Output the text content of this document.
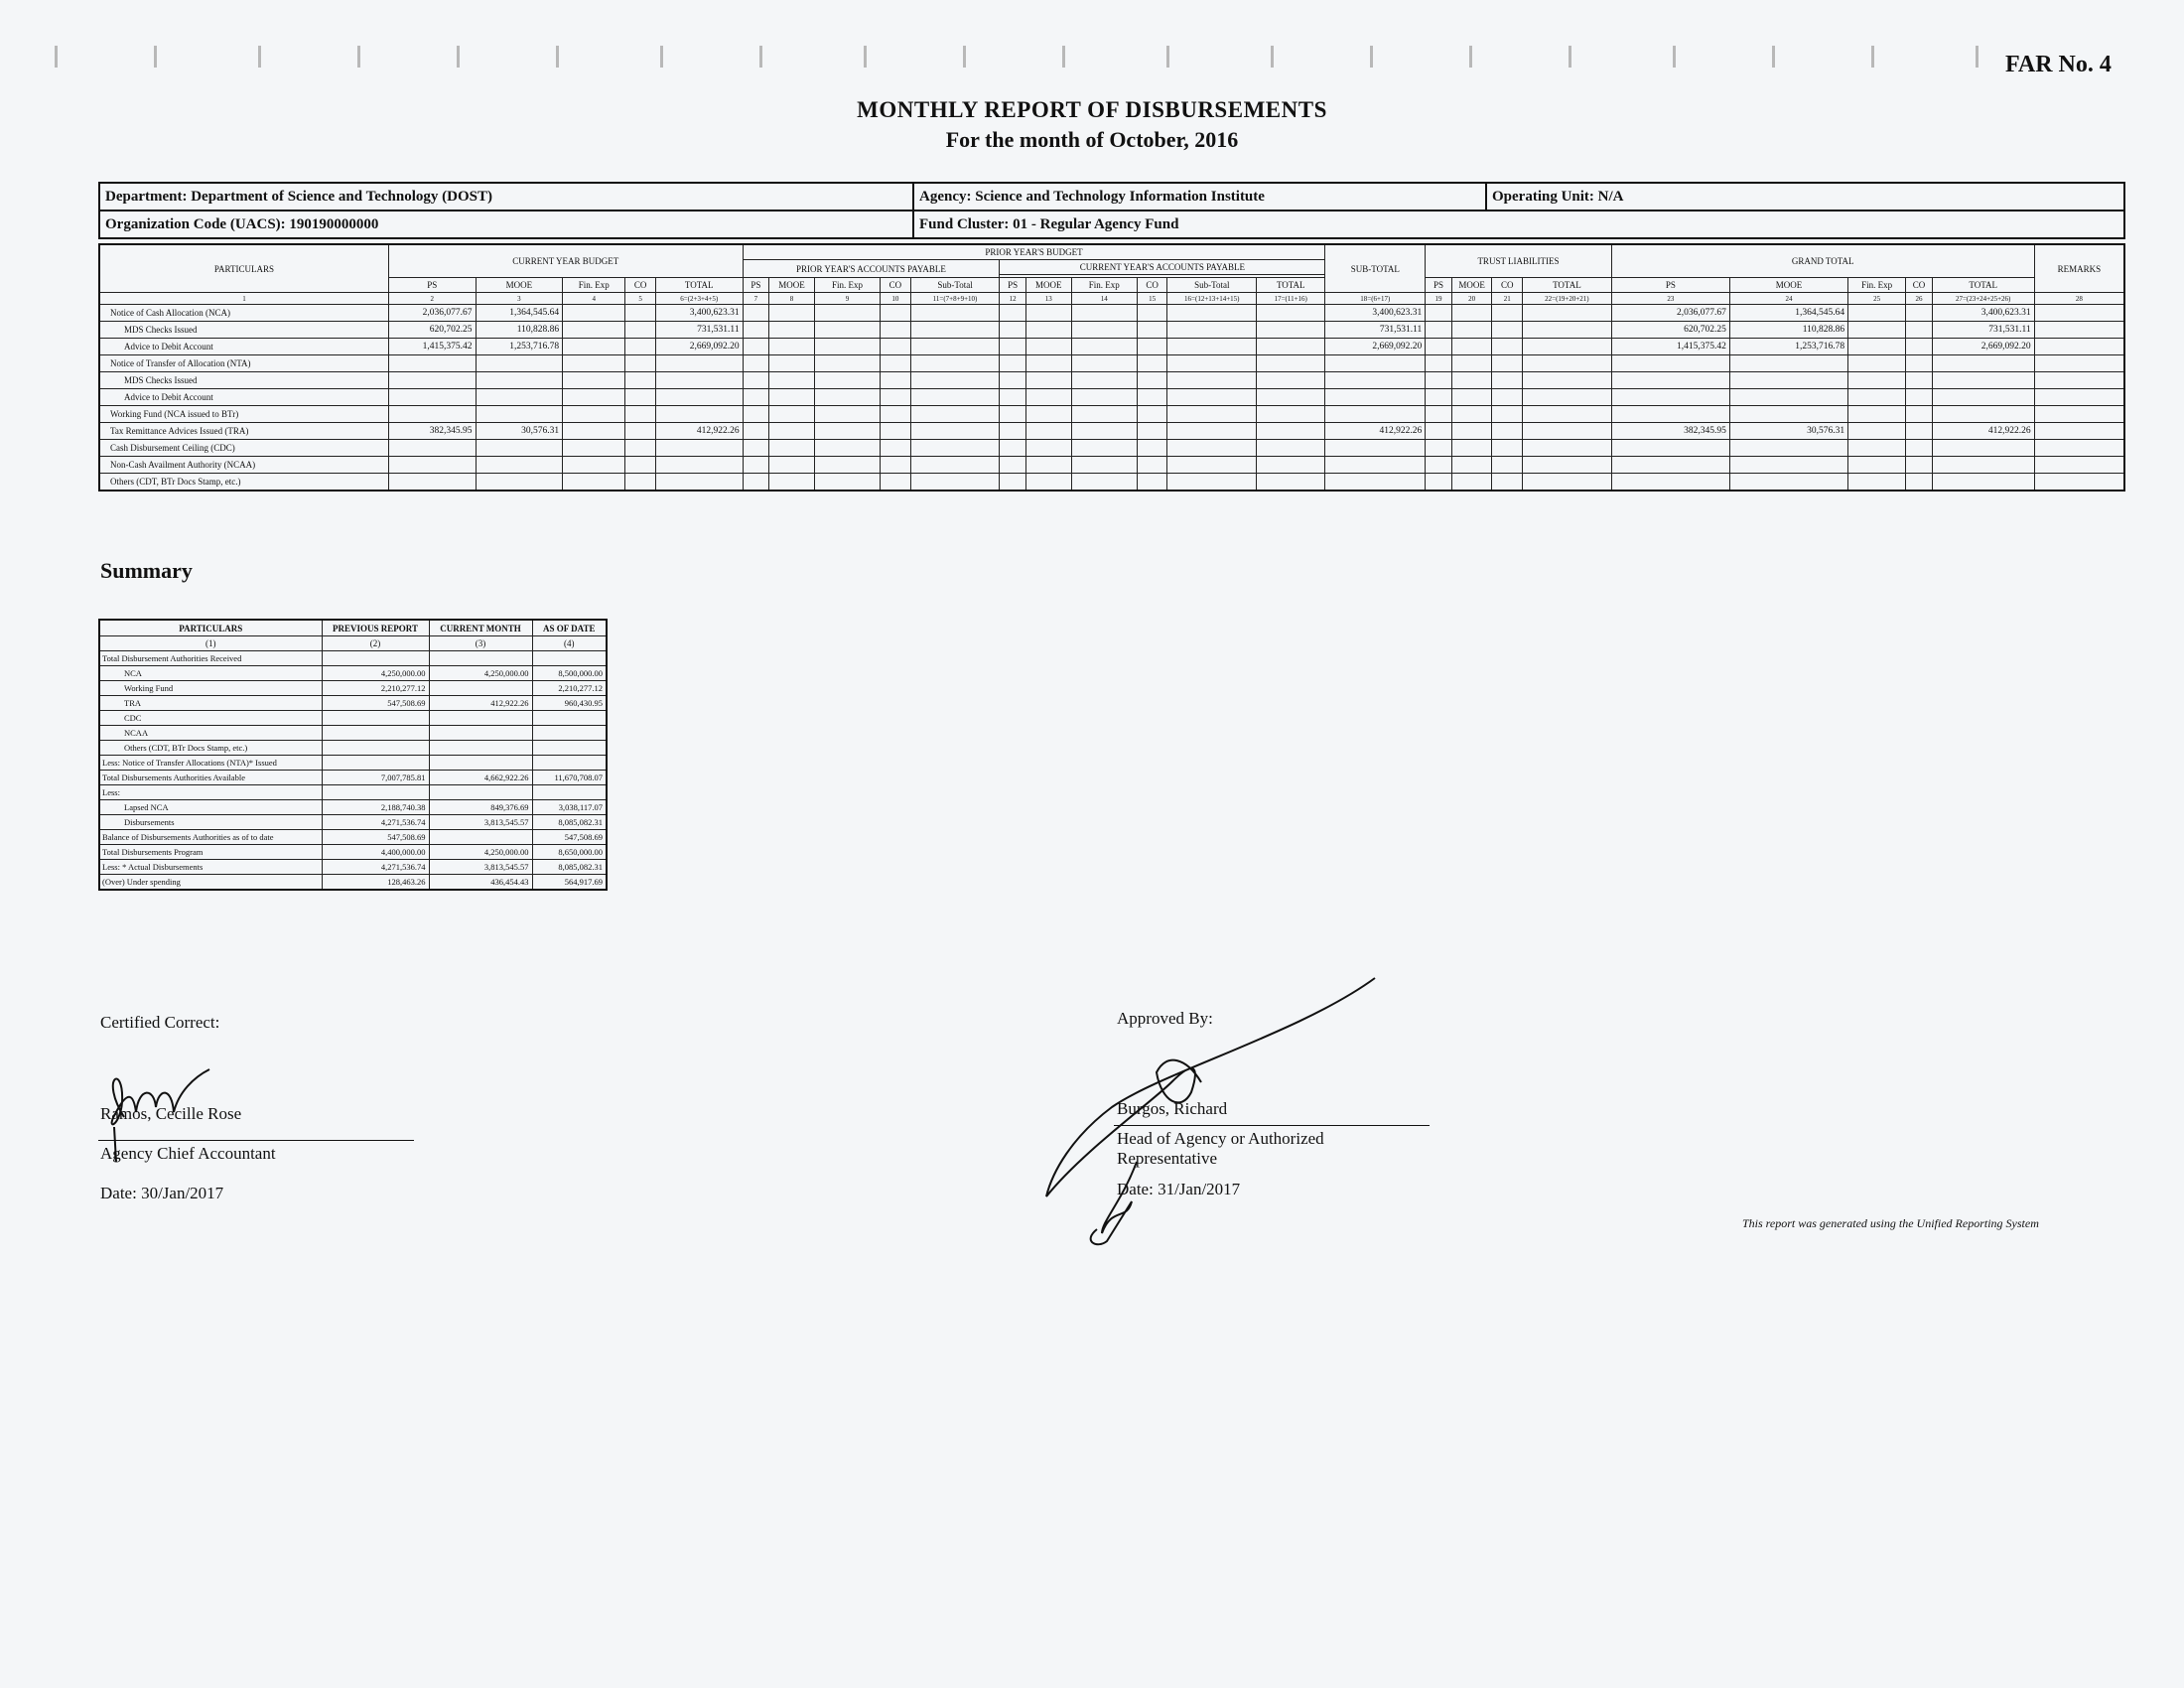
FAR No. 4
MONTHLY REPORT OF DISBURSEMENTS
For the month of October, 2016
Department: Department of Science and Technology (DOST)	Agency: Science and Technology Information Institute	Operating Unit: N/A
Organization Code (UACS): 190190000000	Fund Cluster: 01 - Regular Agency Fund	
PARTICULARS	CURRENT YEAR BUDGET					PRIOR YEAR'S BUDGET											SUB-TOTAL	TRUST LIABILITIES				GRAND TOTAL					REMARKS
						PRIOR YEAR'S ACCOUNTS PAYABLE					CURRENT YEAR'S ACCOUNTS PAYABLE																

	PS	MOOE	Fin. Exp	CO	TOTAL	PS	MOOE	Fin. Exp	CO	Sub-Total	PS	MOOE	Fin. Exp	CO	Sub-Total	TOTAL		PS	MOOE	CO	TOTAL	PS	MOOE	Fin. Exp	CO	TOTAL	
1	2	3	4	5	6=(2+3+4+5)	7	8	9	10	11=(7+8+9+10)	12	13	14	15	16=(12+13+14+15)	17=(11+16)	18=(6+17)	19	20	21	22=(19+20+21)	23	24	25	26	27=(23+24+25+26)	28
Notice of Cash Allocation (NCA)	2,036,077.67	1,364,545.64			3,400,623.31												3,400,623.31					2,036,077.67	1,364,545.64			3,400,623.31	
MDS Checks Issued	620,702.25	110,828.86			731,531.11												731,531.11					620,702.25	110,828.86			731,531.11	
Advice to Debit Account	1,415,375.42	1,253,716.78			2,669,092.20												2,669,092.20					1,415,375.42	1,253,716.78			2,669,092.20	
Notice of Transfer of Allocation (NTA)																											
MDS Checks Issued																											
Advice to Debit Account																											
Working Fund (NCA issued to BTr)																											
Tax Remittance Advices Issued (TRA)	382,345.95	30,576.31			412,922.26												412,922.26					382,345.95	30,576.31			412,922.26	
Cash Disbursement Ceiling (CDC)																											
Non-Cash Availment Authority (NCAA)																											
Others (CDT, BTr Docs Stamp, etc.)																											
Summary
PARTICULARS	PREVIOUS REPORT	CURRENT MONTH	AS OF DATE
(1)	(2)	(3)	(4)
Total Disbursement Authorities Received			
NCA	4,250,000.00	4,250,000.00	8,500,000.00
Working Fund	2,210,277.12		2,210,277.12
TRA	547,508.69	412,922.26	960,430.95
CDC			
NCAA			
Others (CDT, BTr Docs Stamp, etc.)			
Less: Notice of Transfer Allocations (NTA)* Issued			
Total Disbursements Authorities Available	7,007,785.81	4,662,922.26	11,670,708.07
Less:			
Lapsed NCA	2,188,740.38	849,376.69	3,038,117.07
Disbursements	4,271,536.74	3,813,545.57	8,085,082.31
Balance of Disbursements Authorities as of to date	547,508.69		547,508.69
Total Disbursements Program	4,400,000.00	4,250,000.00	8,650,000.00
Less: * Actual Disbursements	4,271,536.74	3,813,545.57	8,085,082.31
(Over) Under spending	128,463.26	436,454.43	564,917.69
Certified Correct:
Ramos, Cecille Rose
Agency Chief Accountant
Date: 30/Jan/2017
Approved By:
Burgos, Richard
Head of Agency or Authorized
Representative
Date: 31/Jan/2017
This report was generated using the Unified Reporting System
